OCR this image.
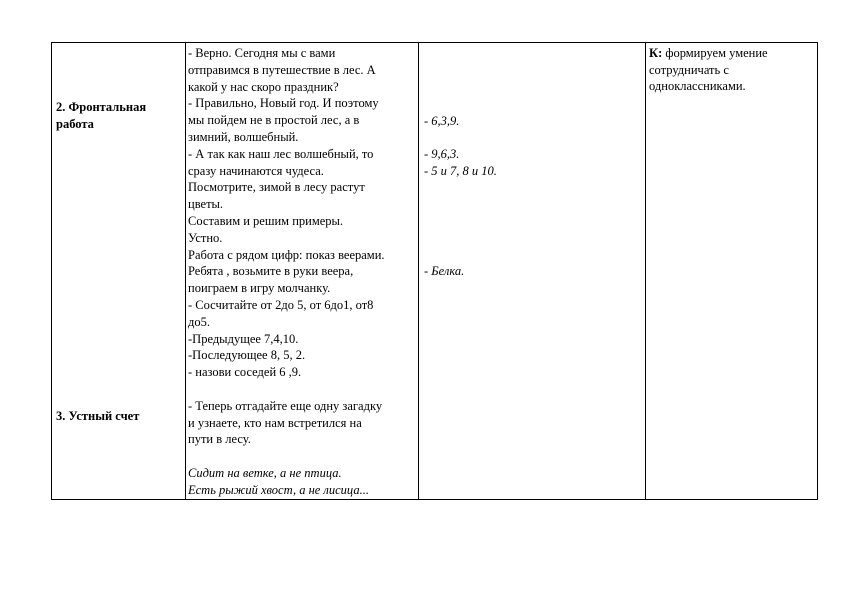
2. Фронтальная
работа
3. Устный счет
- Верно. Сегодня мы с вами
отправимся в путешествие в лес. А
какой у нас скоро праздник?
- Правильно, Новый год. И поэтому
мы пойдем не в простой лес, а в
зимний, волшебный.
- А так как наш лес волшебный, то
сразу начинаются чудеса.
Посмотрите, зимой в лесу растут
цветы.
Составим и решим примеры.
Устно.
Работа с рядом цифр: показ веерами.
Ребята , возьмите в руки веера,
поиграем в игру молчанку.
- Сосчитайте от 2до 5, от 6до1, от8
до5.
-Предыдущее 7,4,10.
-Последующее 8, 5, 2.
- назови соседей 6 ,9.
- Теперь отгадайте еще одну загадку
и узнаете, кто нам встретился на
пути в лесу.
Сидит на ветке, а не птица.
Есть рыжий хвост, а не лисица...
- 6,3,9.
- 9,6,3.
- 5 и 7, 8 и 10.
- Белка.
К: формируем умение
сотрудничать с
одноклассниками.
